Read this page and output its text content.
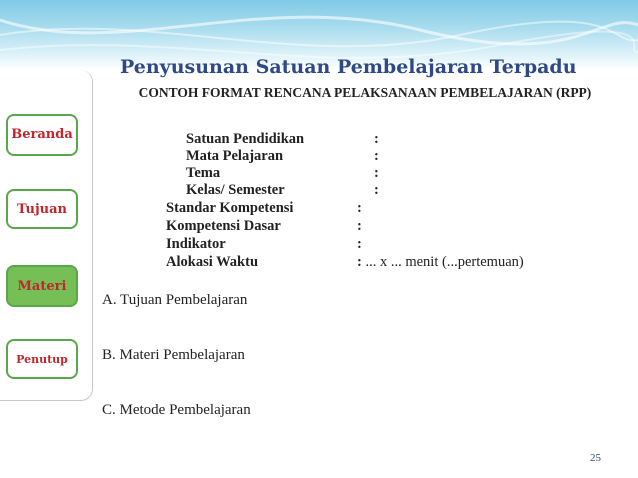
Beranda
Tujuan
Materi
Penutup
Penyusunan Satuan Pembelajaran Terpadu
CONTOH FORMAT RENCANA PELAKSANAAN PEMBELAJARAN (RPP)
Satuan Pendidikan	:
Mata Pelajaran	:
Tema	:
Kelas/ Semester	:
Standar Kompetensi	:
Kompetensi Dasar	:
Indikator	:
Alokasi Waktu	: ... x ... menit (...pertemuan)
A. Tujuan Pembelajaran
B. Materi Pembelajaran
C. Metode Pembelajaran
25
